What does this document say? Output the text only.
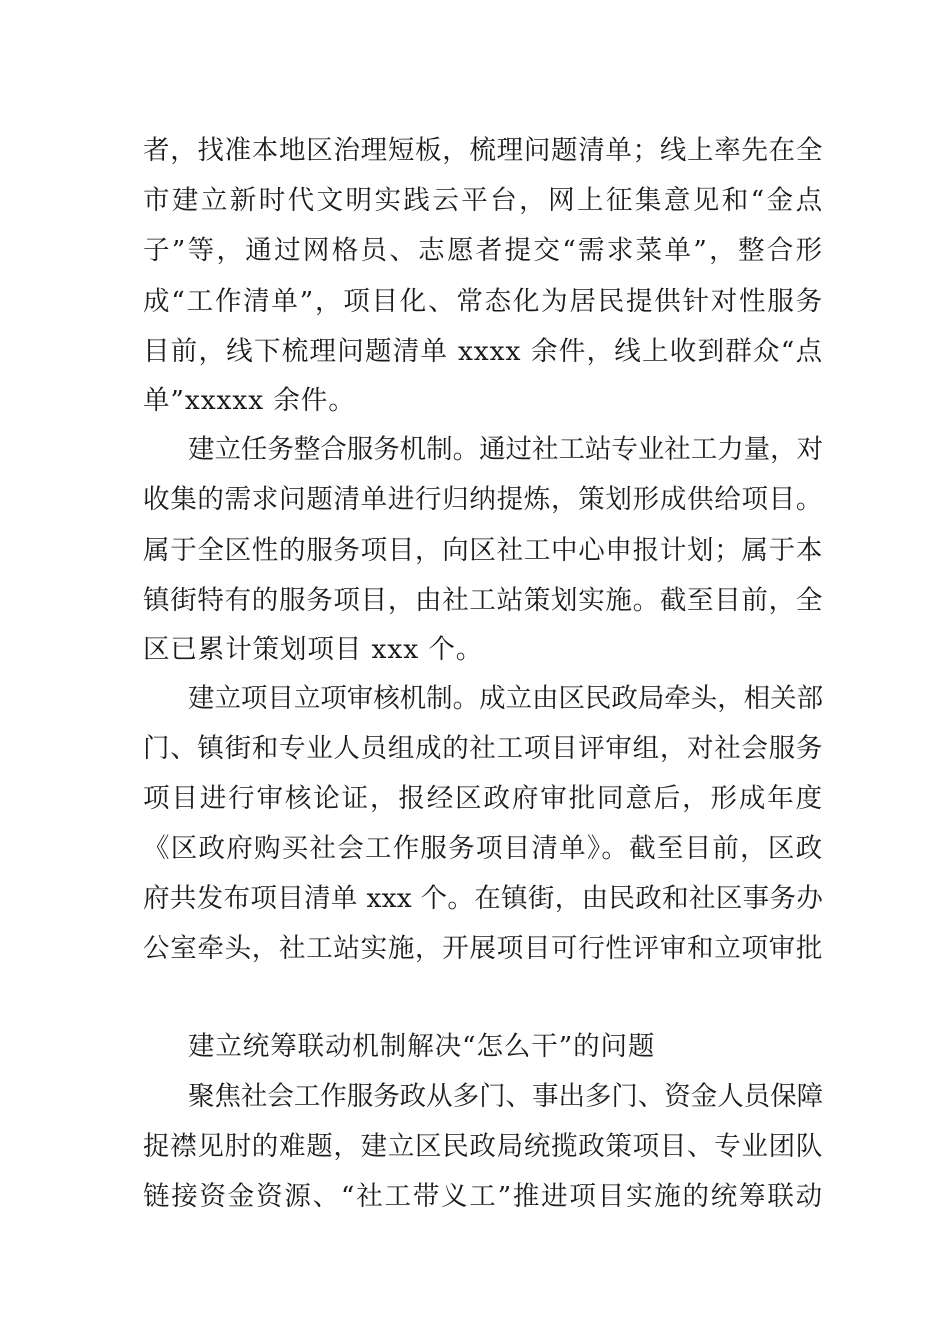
者，找准本地区治理短板，梳理问题清单；线上率先在全
市建立新时代文明实践云平台，网上征集意见和“金点
子”等，通过网格员、志愿者提交“需求菜单”，整合形
成“工作清单”，项目化、常态化为居民提供针对性服务
目前，线下梳理问题清单 xxxx 余件，线上收到群众“点
单”xxxxx 余件。
建立任务整合服务机制。通过社工站专业社工力量，对
收集的需求问题清单进行归纳提炼，策划形成供给项目。
属于全区性的服务项目，向区社工中心申报计划；属于本
镇街特有的服务项目，由社工站策划实施。截至目前，全
区已累计策划项目 xxx 个。
建立项目立项审核机制。成立由区民政局牵头，相关部
门、镇街和专业人员组成的社工项目评审组，对社会服务
项目进行审核论证，报经区政府审批同意后，形成年度
《区政府购买社会工作服务项目清单》。截至目前，区政
府共发布项目清单 xxx 个。在镇街，由民政和社区事务办
公室牵头，社工站实施，开展项目可行性评审和立项审批
建立统筹联动机制解决“怎么干”的问题
聚焦社会工作服务政从多门、事出多门、资金人员保障
捉襟见肘的难题，建立区民政局统揽政策项目、专业团队
链接资金资源、“社工带义工”推进项目实施的统筹联动
